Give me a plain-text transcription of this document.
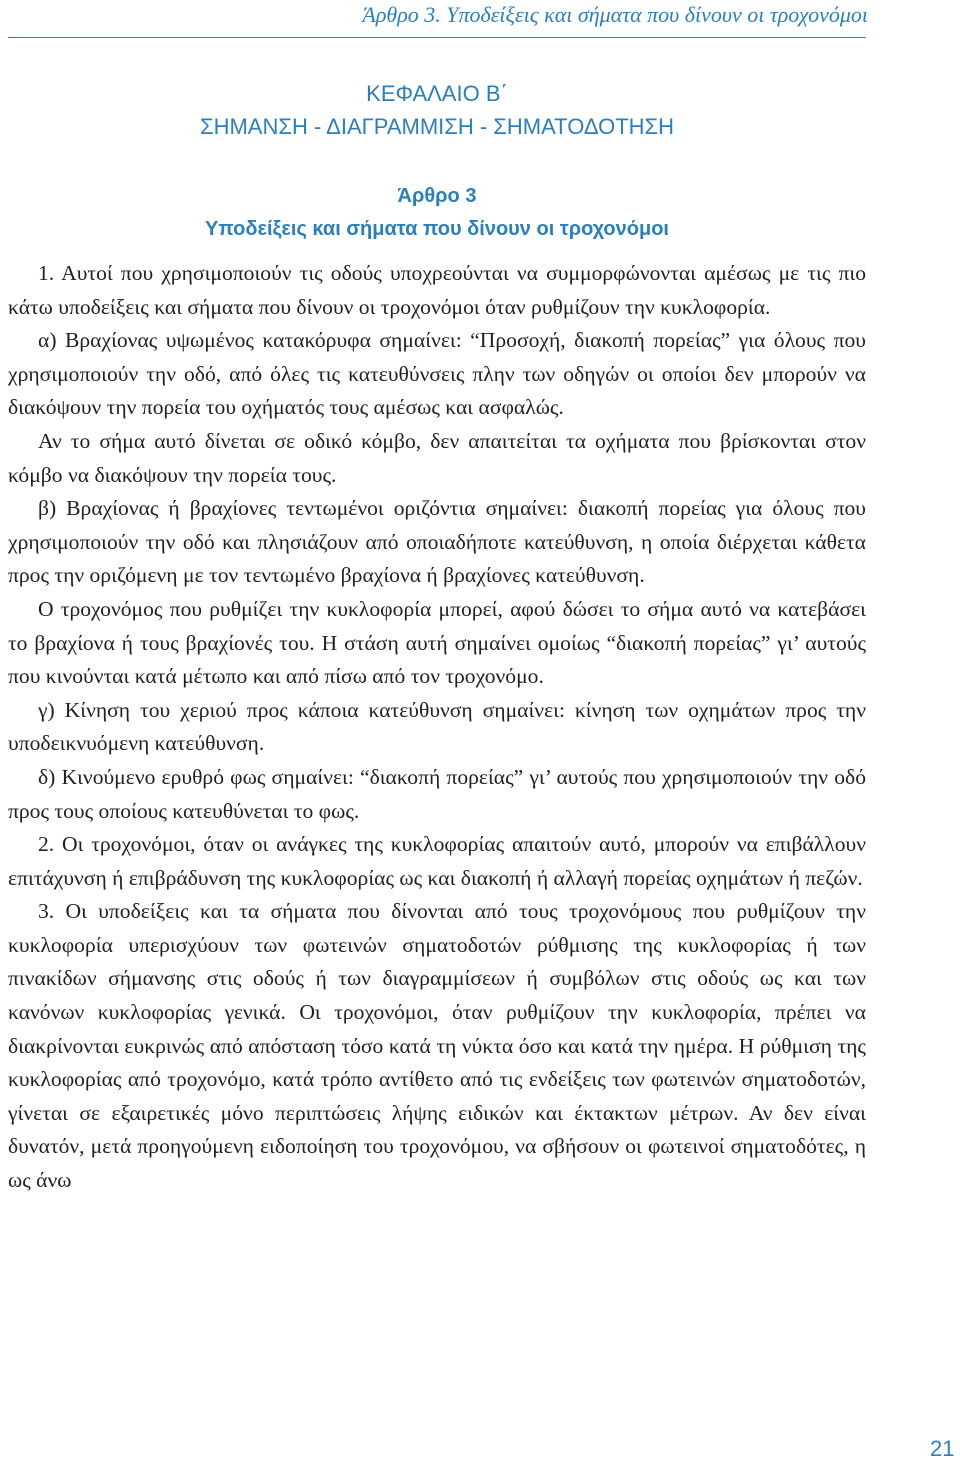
Άρθρο 3. Υποδείξεις και σήματα που δίνουν οι τροχονόμοι
ΚΕΦΑΛΑΙΟ Β΄
ΣΗΜΑΝΣΗ - ΔΙΑΓΡΑΜΜΙΣΗ - ΣΗΜΑΤΟΔΟΤΗΣΗ
Άρθρο 3
Υποδείξεις και σήματα που δίνουν οι τροχονόμοι

1. Αυτοί που χρησιμοποιούν τις οδούς υποχρεούνται να συμμορφώνονται αμέσως με τις πιο κάτω υποδείξεις και σήματα που δίνουν οι τροχονόμοι όταν ρυθμίζουν την κυκλοφορία.

α) Βραχίονας υψωμένος κατακόρυφα σημαίνει: “Προσοχή, διακοπή πορείας” για όλους που χρησιμοποιούν την οδό, από όλες τις κατευθύνσεις πλην των οδηγών οι οποίοι δεν μπορούν να διακόψουν την πορεία του οχήματός τους αμέσως και ασφαλώς.

Αν το σήμα αυτό δίνεται σε οδικό κόμβο, δεν απαιτείται τα οχήματα που βρίσκονται στον κόμβο να διακόψουν την πορεία τους.

β) Βραχίονας ή βραχίονες τεντωμένοι οριζόντια σημαίνει: διακοπή πορείας για όλους που χρησιμοποιούν την οδό και πλησιάζουν από οποιαδήποτε κατεύθυνση, η οποία διέρχεται κάθετα προς την οριζόμενη με τον τεντωμένο βραχίονα ή βραχίονες κατεύθυνση.

Ο τροχονόμος που ρυθμίζει την κυκλοφορία μπορεί, αφού δώσει το σήμα αυτό να κατεβάσει το βραχίονα ή τους βραχίονές του. Η στάση αυτή σημαίνει ομοίως “διακοπή πορείας” γι’ αυτούς που κινούνται κατά μέτωπο και από πίσω από τον τροχονόμο.

γ) Κίνηση του χεριού προς κάποια κατεύθυνση σημαίνει: κίνηση των οχημάτων προς την υποδεικνυόμενη κατεύθυνση.

δ) Κινούμενο ερυθρό φως σημαίνει: “διακοπή πορείας” γι’ αυτούς που χρησιμοποιούν την οδό προς τους οποίους κατευθύνεται το φως.

2. Οι τροχονόμοι, όταν οι ανάγκες της κυκλοφορίας απαιτούν αυτό, μπορούν να επιβάλλουν επιτάχυνση ή επιβράδυνση της κυκλοφορίας ως και διακοπή ή αλλαγή πορείας οχημάτων ή πεζών.

3. Οι υποδείξεις και τα σήματα που δίνονται από τους τροχονόμους που ρυθμίζουν την κυκλοφορία υπερισχύουν των φωτεινών σηματοδοτών ρύθμισης της κυκλοφορίας ή των πινακίδων σήμανσης στις οδούς ή των διαγραμμίσεων ή συμβόλων στις οδούς ως και των κανόνων κυκλοφορίας γενικά. Οι τροχονόμοι, όταν ρυθμίζουν την κυκλοφορία, πρέπει να διακρίνονται ευκρινώς από απόσταση τόσο κατά τη νύκτα όσο και κατά την ημέρα. Η ρύθμιση της κυκλοφορίας από τροχονόμο, κατά τρόπο αντίθετο από τις ενδείξεις των φωτεινών σηματοδοτών, γίνεται σε εξαιρετικές μόνο περιπτώσεις λήψης ειδικών και έκτακτων μέτρων. Αν δεν είναι δυνατόν, μετά προηγούμενη ειδοποίηση του τροχονόμου, να σβήσουν οι φωτεινοί σηματοδότες, η ως άνω

21
